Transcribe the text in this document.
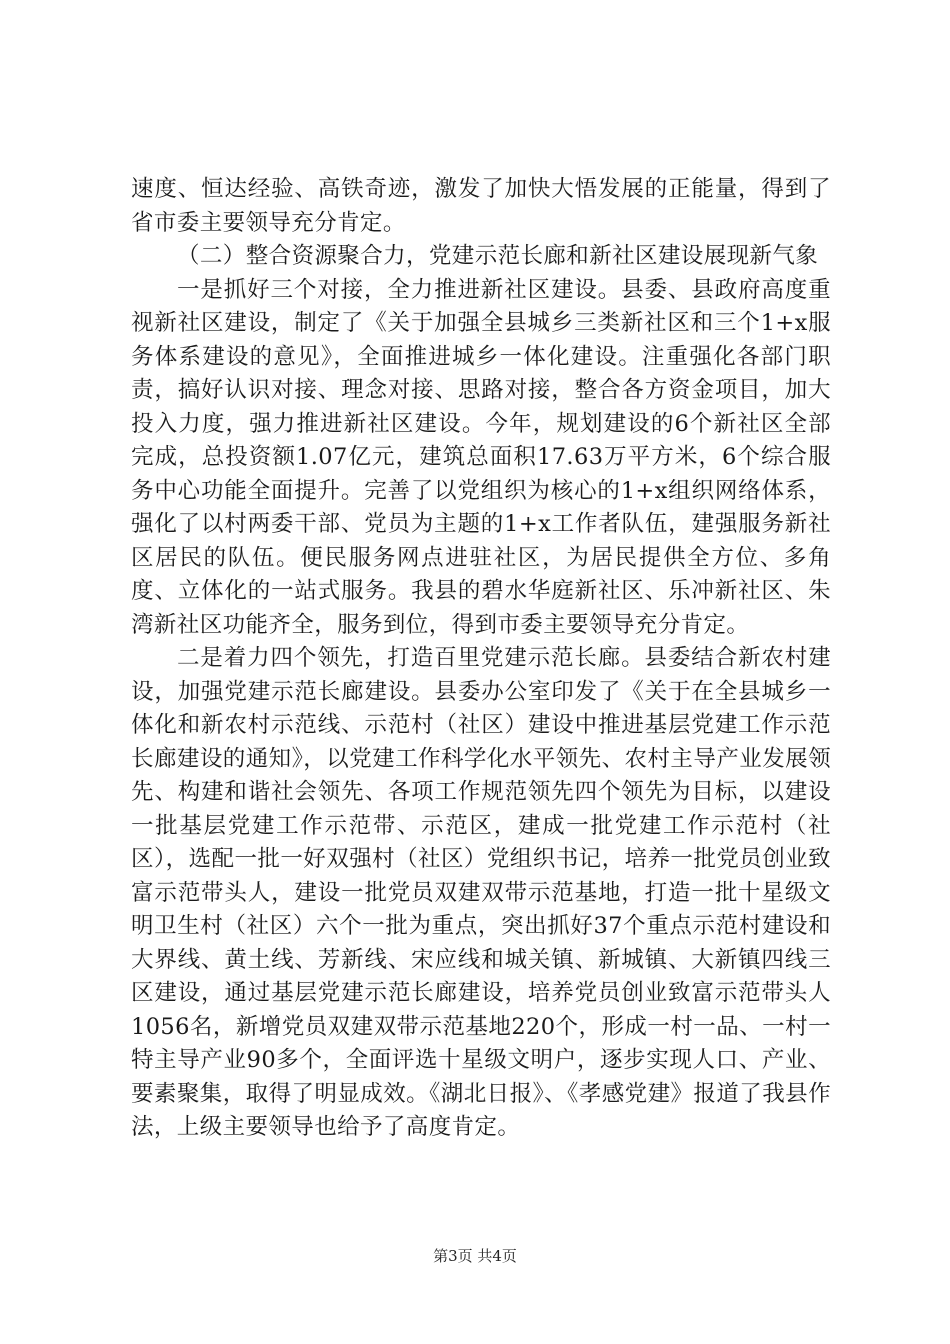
速度、恒达经验、高铁奇迹，激发了加快大悟发展的正能量，得到了省市委主要领导充分肯定。

（二）整合资源聚合力，党建示范长廊和新社区建设展现新气象

一是抓好三个对接，全力推进新社区建设。县委、县政府高度重视新社区建设，制定了《关于加强全县城乡三类新社区和三个1+x服务体系建设的意见》，全面推进城乡一体化建设。注重强化各部门职责，搞好认识对接、理念对接、思路对接，整合各方资金项目，加大投入力度，强力推进新社区建设。今年，规划建设的6个新社区全部完成，总投资额1.07亿元，建筑总面积17.63万平方米，6个综合服务中心功能全面提升。完善了以党组织为核心的1+x组织网络体系，强化了以村两委干部、党员为主题的1+x工作者队伍，建强服务新社区居民的队伍。便民服务网点进驻社区，为居民提供全方位、多角度、立体化的一站式服务。我县的碧水华庭新社区、乐冲新社区、朱湾新社区功能齐全，服务到位，得到市委主要领导充分肯定。

二是着力四个领先，打造百里党建示范长廊。县委结合新农村建设，加强党建示范长廊建设。县委办公室印发了《关于在全县城乡一体化和新农村示范线、示范村（社区）建设中推进基层党建工作示范长廊建设的通知》，以党建工作科学化水平领先、农村主导产业发展领先、构建和谐社会领先、各项工作规范领先四个领先为目标，以建设一批基层党建工作示范带、示范区，建成一批党建工作示范村（社区），选配一批一好双强村（社区）党组织书记，培养一批党员创业致富示范带头人，建设一批党员双建双带示范基地，打造一批十星级文明卫生村（社区）六个一批为重点，突出抓好37个重点示范村建设和大界线、黄土线、芳新线、宋应线和城关镇、新城镇、大新镇四线三区建设，通过基层党建示范长廊建设，培养党员创业致富示范带头人1056名，新增党员双建双带示范基地220个，形成一村一品、一村一特主导产业90多个，全面评选十星级文明户，逐步实现人口、产业、要素聚集，取得了明显成效。《湖北日报》、《孝感党建》报道了我县作法，上级主要领导也给予了高度肯定。

第3页 共4页
